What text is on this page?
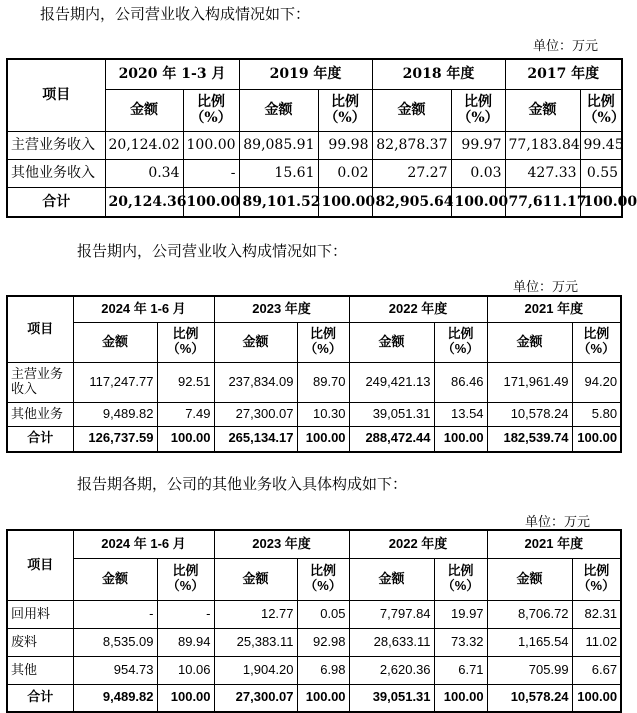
报告期内，公司营业收入构成情况如下：
单位：万元
项目	2020 年 1-3 月		2019 年度		2018 年度		2017 年度	
	金额	比例（%）	金额	比例（%）	金额	比例（%）	金额	比例（%）
主营业务收入	20,124.02	100.00	89,085.91	99.98	82,878.37	99.97	77,183.84	99.45
其他业务收入	0.34	-	15.61	0.02	27.27	0.03	427.33	0.55
合计	20,124.36	100.00	89,101.52	100.00	82,905.64	100.00	77,611.17	100.00
报告期内，公司营业收入构成情况如下：
单位：万元
项目	2024 年 1-6 月		2023 年度		2022 年度		2021 年度	
	金额	比例（%）	金额	比例（%）	金额	比例（%）	金额	比例（%）
主营业务收入	117,247.77	92.51	237,834.09	89.70	249,421.13	86.46	171,961.49	94.20
其他业务	9,489.82	7.49	27,300.07	10.30	39,051.31	13.54	10,578.24	5.80
合计	126,737.59	100.00	265,134.17	100.00	288,472.44	100.00	182,539.74	100.00
报告期各期，公司的其他业务收入具体构成如下：
单位：万元
项目	2024 年 1-6 月		2023 年度		2022 年度		2021 年度	
	金额	比例（%）	金额	比例（%）	金额	比例（%）	金额	比例（%）
回用料	-	-	12.77	0.05	7,797.84	19.97	8,706.72	82.31
废料	8,535.09	89.94	25,383.11	92.98	28,633.11	73.32	1,165.54	11.02
其他	954.73	10.06	1,904.20	6.98	2,620.36	6.71	705.99	6.67
合计	9,489.82	100.00	27,300.07	100.00	39,051.31	100.00	10,578.24	100.00
